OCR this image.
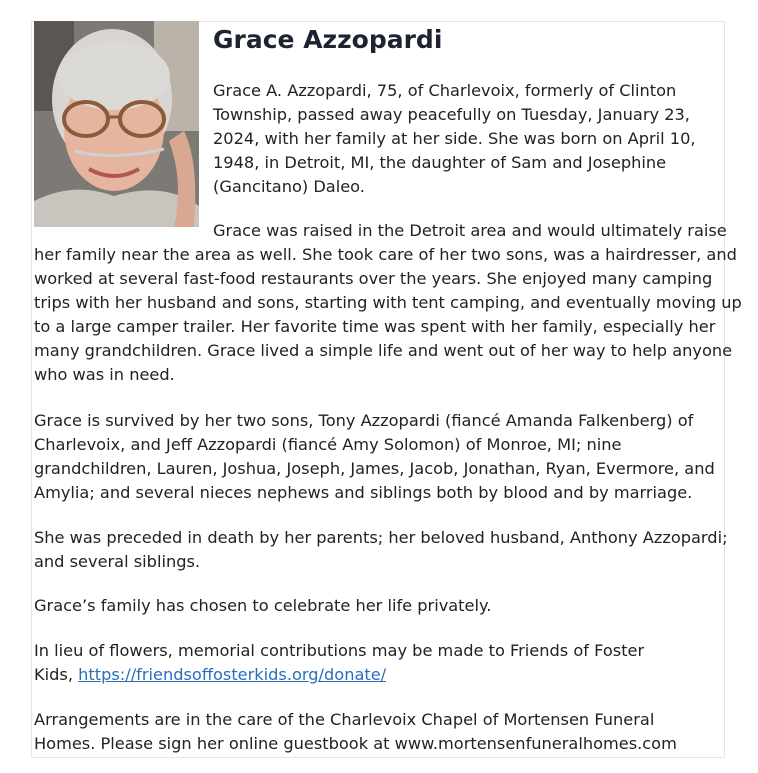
Grace Azzopardi
Grace A. Azzopardi, 75, of Charlevoix, formerly of Clinton
Township, passed away peacefully on Tuesday, January 23,
2024, with her family at her side. She was born on April 10,
1948, in Detroit, MI, the daughter of Sam and Josephine
(Gancitano) Daleo.
Grace was raised in the Detroit area and would ultimately raise
her family near the area as well. She took care of her two sons, was a hairdresser, and
worked at several fast-food restaurants over the years. She enjoyed many camping
trips with her husband and sons, starting with tent camping, and eventually moving up
to a large camper trailer. Her favorite time was spent with her family, especially her
many grandchildren. Grace lived a simple life and went out of her way to help anyone
who was in need.
Grace is survived by her two sons, Tony Azzopardi (fiancé Amanda Falkenberg) of
Charlevoix, and Jeff Azzopardi (fiancé Amy Solomon) of Monroe, MI; nine
grandchildren, Lauren, Joshua, Joseph, James, Jacob, Jonathan, Ryan, Evermore, and
Amylia; and several nieces nephews and siblings both by blood and by marriage.
She was preceded in death by her parents; her beloved husband, Anthony Azzopardi;
and several siblings.
Grace’s family has chosen to celebrate her life privately.
In lieu of flowers, memorial contributions may be made to Friends of Foster
Kids, https://friendsoffosterkids.org/donate/
Arrangements are in the care of the Charlevoix Chapel of Mortensen Funeral
Homes. Please sign her online guestbook at www.mortensenfuneralhomes.com
